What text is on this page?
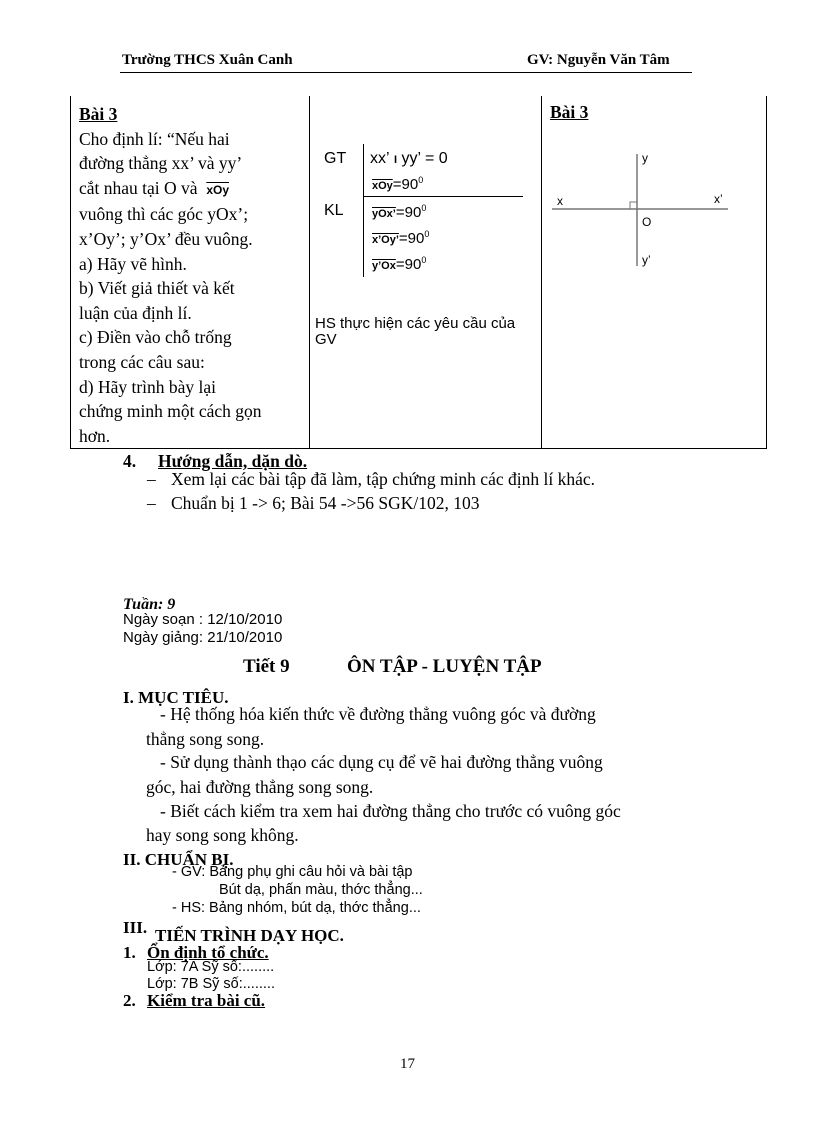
Trường THCS Xuân Canh	GV: Nguyễn Văn Tâm
Bài 3
Cho định lí: “Nếu hai
đường thẳng xx’ và yy’
cắt nhau tại O và $\overline{xOy}$
vuông thì các góc yOx’;
x’Oy’; y’Ox’ đều vuông.
a) Hãy vẽ hình.
b) Viết giả thiết và kết
luận của định lí.
c) Điền vào chỗ trống
trong các câu sau:
d) Hãy trình bày lại
chứng minh một cách gọn
hơn.

GT xx’ I yy’ = 0
$\overline{xOy}=90^0$
KL	$yOx’=90^0$
$x’Oy’=90^0$
$y’Ox=90^0$
HS thực hiện các yêu cầu của GV

Bài 3
x	x’
y
y’
O
4. Hướng dẫn, dặn dò.
– Xem lại các bài tập đã làm, tập chứng minh các định lí khác.
– Chuẩn bị 1 -> 6; Bài 54 ->56 SGK/102, 103
Tuần: 9
Ngày soạn : 12/10/2010
Ngày giảng: 21/10/2010
Tiết 9	ÔN TẬP - LUYỆN TẬP
I. MỤC TIÊU.
- Hệ thống hóa kiến thức về đường thẳng vuông góc và đường
thẳng song song.
- Sử dụng thành thạo các dụng cụ để vẽ hai đường thẳng vuông
góc, hai đường thẳng song song.
- Biết cách kiểm tra xem hai đường thẳng cho trước có vuông góc
hay song song không.
II. CHUẨN BỊ.
- GV: Bảng phụ ghi câu hỏi và bài tập
Bút dạ, phấn màu, thớc thẳng...
- HS: Bảng nhóm, bút dạ, thớc thẳng...
III. TIẾN TRÌNH DẠY HỌC.
1. Ổn định tổ chức.
Lớp: 7A Sỹ số:........
Lớp: 7B Sỹ số:........
2. Kiểm tra bài cũ.
17
